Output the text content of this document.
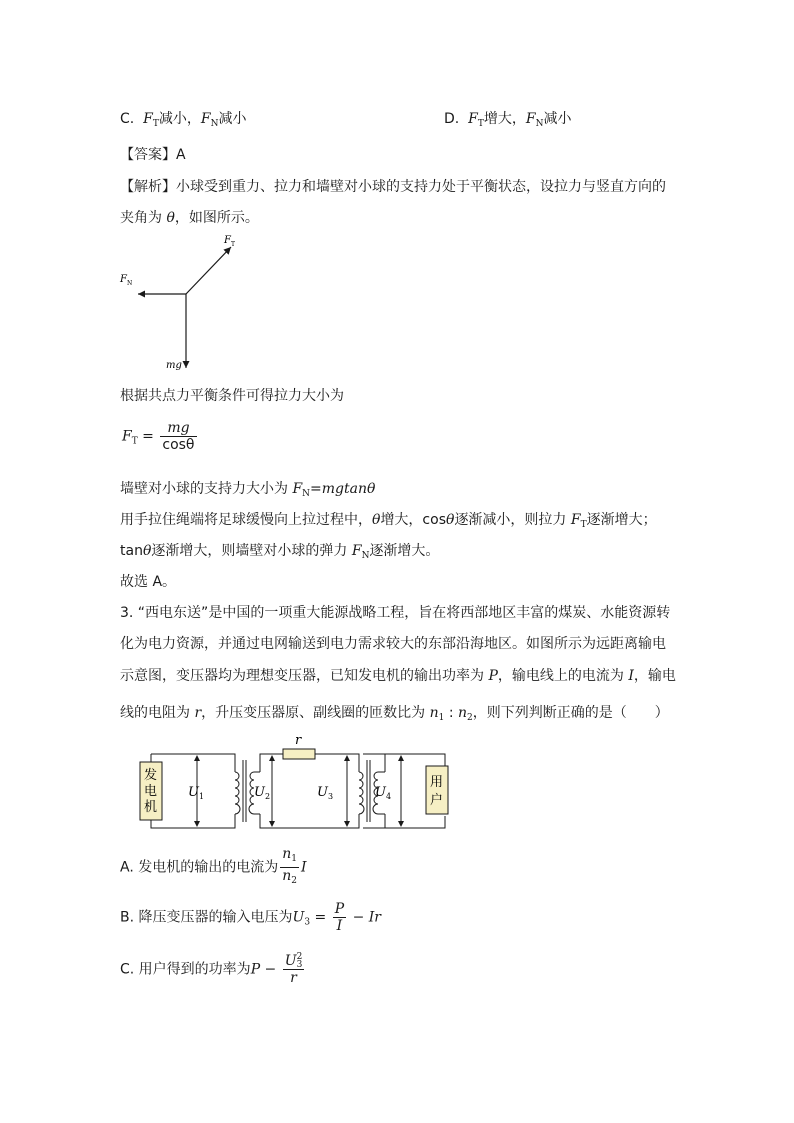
C. $F_T$减小，$F_N$减小	D. $F_T$增大，$F_N$减小
【答案】A
【解析】小球受到重力、拉力和墙壁对小球的支持力处于平衡状态，设拉力与竖直方向的
夹角为 θ，如图所示。
$F_T$
$F_N$
mg
根据共点力平衡条件可得拉力大小为
$F_T = \frac{mg}{\cos\theta}$
墙壁对小球的支持力大小为 $F_N=mgtan\theta$
用手拉住绳端将足球缓慢向上拉过程中，θ增大，cosθ逐渐减小，则拉力 $F_T$逐渐增大；
tanθ逐渐增大，则墙壁对小球的弹力 $F_N$逐渐增大。
故选 A。
3. “西电东送”是中国的一项重大能源战略工程，旨在将西部地区丰富的煤炭、水能资源转
化为电力资源，并通过电网输送到电力需求较大的东部沿海地区。如图所示为远距离输电
示意图，变压器均为理想变压器，已知发电机的输出功率为 P，输电线上的电流为 I，输电
线的电阻为 r，升压变压器原、副线圈的匝数比为 $n_1$ : $n_2$，则下列判断正确的是（　　）
r
发
电
机
用
户
$U_1$	$U_2$	$U_3$	$U_4$
A. 发电机的输出的电流为 $\frac{n_1}{n_2}$ I
B. 降压变压器的输入电压为$U_3 = \frac{P}{I} - Ir$
C. 用户得到的功率为P − U 2
3
r
